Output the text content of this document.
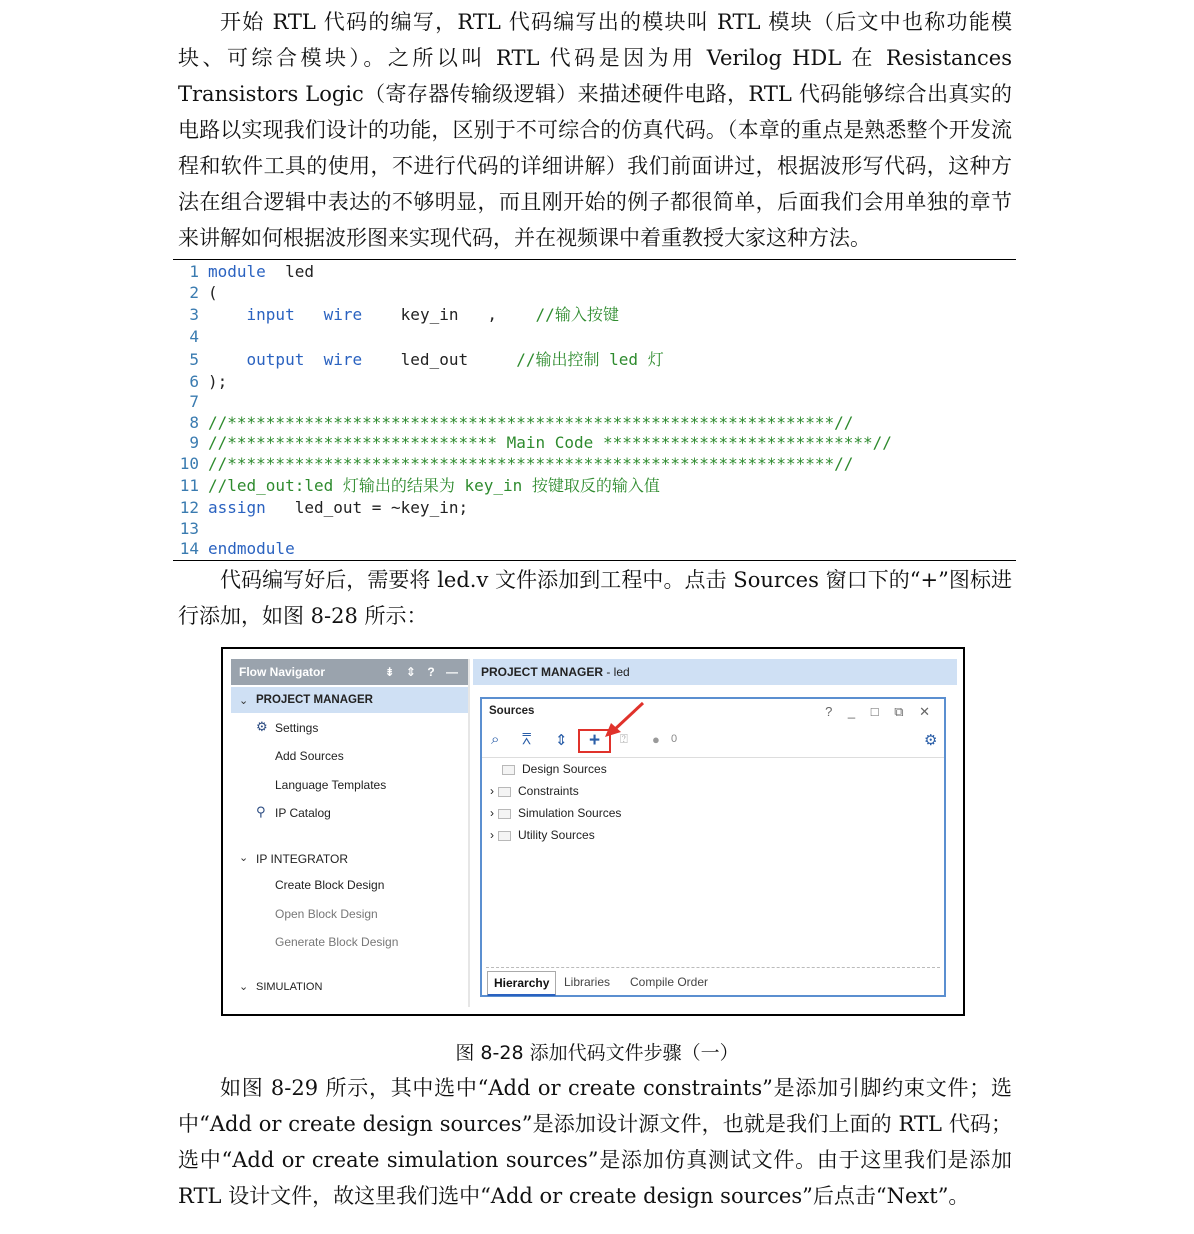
开始 RTL 代码的编写，RTL 代码编写出的模块叫 RTL 模块（后文中也称功能模块、可综合模块）。之所以叫 RTL 代码是因为用 Verilog HDL 在 Resistances Transistors Logic（寄存器传输级逻辑）来描述硬件电路，RTL 代码能够综合出真实的电路以实现我们设计的功能，区别于不可综合的仿真代码。（本章的重点是熟悉整个开发流程和软件工具的使用，不进行代码的详细讲解）我们前面讲过，根据波形写代码，这种方法在组合逻辑中表达的不够明显，而且刚开始的例子都很简单，后面我们会用单独的章节来讲解如何根据波形图来实现代码，并在视频课中着重教授大家这种方法。

1 module led
2 (
3	input wire key_in , //输入按键
4
5	output wire led_out	//输出控制 led 灯
6 );
7
8 //***************************************************************//
9 //**************************** Main Code ****************************//
10 //***************************************************************//
11 //led_out:led 灯输出的结果为 key_in 按键取反的输入值
12 assign led_out = ~key_in;
13
14 endmodule

代码编写好后，需要将 led.v 文件添加到工程中。点击 Sources 窗口下的“+”图标进行添加，如图 8-28 所示：

Flow Navigator	⇟ ⇕ ? —
⌄ PROJECT MANAGER
⚙ Settings
Add Sources
Language Templates
⚲ IP Catalog
⌄ IP INTEGRATOR
Create Block Design
Open Block Design
Generate Block Design
⌄ SIMULATION
PROJECT MANAGER - led
Sources	? _ □ ⧉ ✕
⌕ ⩞ ⇕	+	⍰ ● 0	⚙
Design Sources
› Constraints
› Simulation Sources
› Utility Sources
Hierarchy	Libraries Compile Order
图 8-28 添加代码文件步骤（一）

如图 8-29 所示，其中选中“Add or create constraints”是添加引脚约束文件；选中“Add or create design sources”是添加设计源文件，也就是我们上面的 RTL 代码；选中“Add or create simulation sources”是添加仿真测试文件。由于这里我们是添加 RTL 设计文件，故这里我们选中“Add or create design sources”后点击“Next”。
